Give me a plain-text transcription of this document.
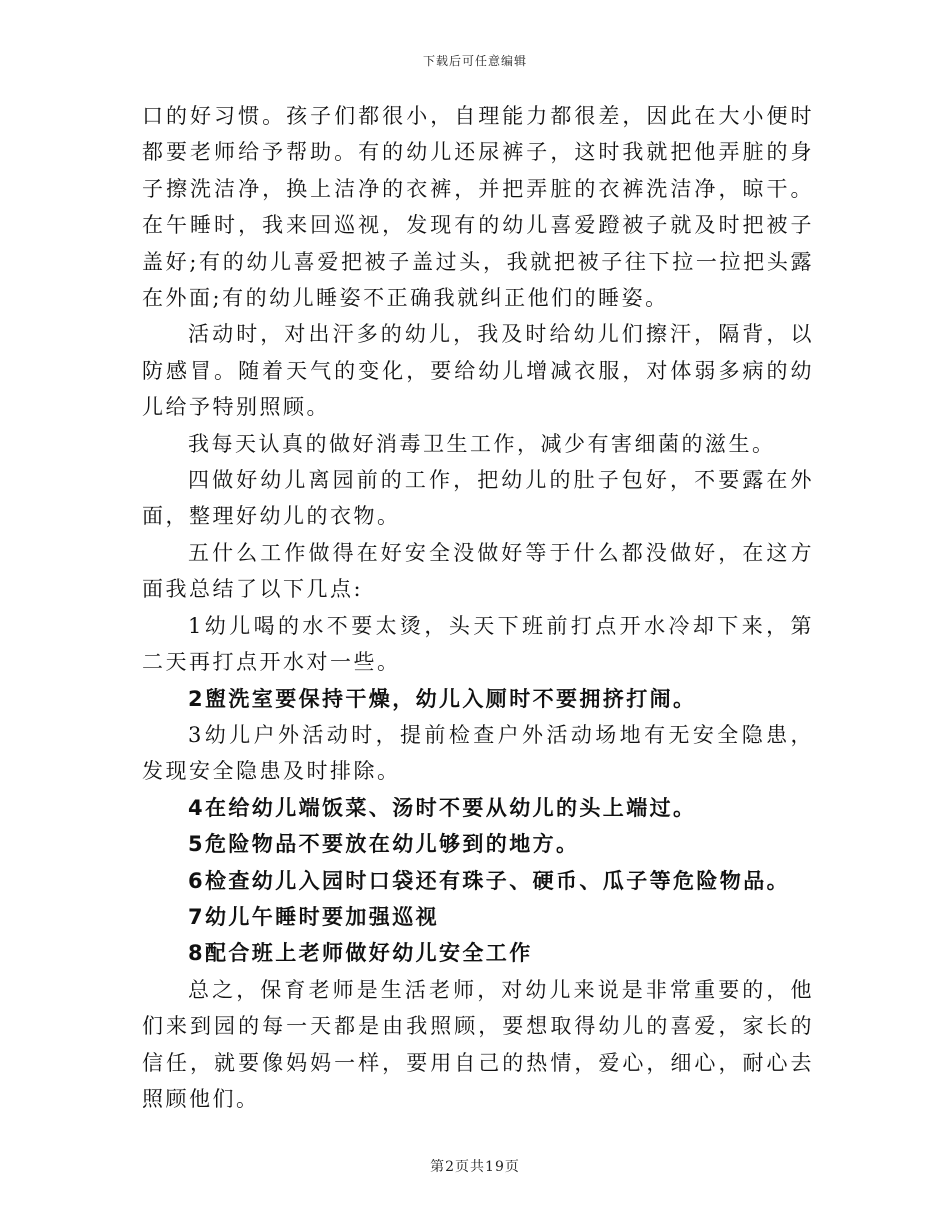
下载后可任意编辑

口的好习惯。孩子们都很小，自理能力都很差，因此在大小便时都要老师给予帮助。有的幼儿还尿裤子，这时我就把他弄脏的身子擦洗洁净，换上洁净的衣裤，并把弄脏的衣裤洗洁净，晾干。在午睡时，我来回巡视，发现有的幼儿喜爱蹬被子就及时把被子盖好;有的幼儿喜爱把被子盖过头，我就把被子往下拉一拉把头露在外面;有的幼儿睡姿不正确我就纠正他们的睡姿。

活动时，对出汗多的幼儿，我及时给幼儿们擦汗，隔背，以防感冒。随着天气的变化，要给幼儿增减衣服，对体弱多病的幼儿给予特别照顾。

我每天认真的做好消毒卫生工作，减少有害细菌的滋生。

四做好幼儿离园前的工作，把幼儿的肚子包好，不要露在外面，整理好幼儿的衣物。

五什么工作做得在好安全没做好等于什么都没做好，在这方面我总结了以下几点:

1幼儿喝的水不要太烫，头天下班前打点开水冷却下来，第二天再打点开水对一些。

2盥洗室要保持干燥，幼儿入厕时不要拥挤打闹。

3幼儿户外活动时，提前检查户外活动场地有无安全隐患，发现安全隐患及时排除。

4在给幼儿端饭菜、汤时不要从幼儿的头上端过。

5危险物品不要放在幼儿够到的地方。

6检查幼儿入园时口袋还有珠子、硬币、瓜子等危险物品。

7幼儿午睡时要加强巡视

8配合班上老师做好幼儿安全工作

总之，保育老师是生活老师，对幼儿来说是非常重要的，他们来到园的每一天都是由我照顾，要想取得幼儿的喜爱，家长的信任，就要像妈妈一样，要用自己的热情，爱心，细心，耐心去照顾他们。

第2页共19页
